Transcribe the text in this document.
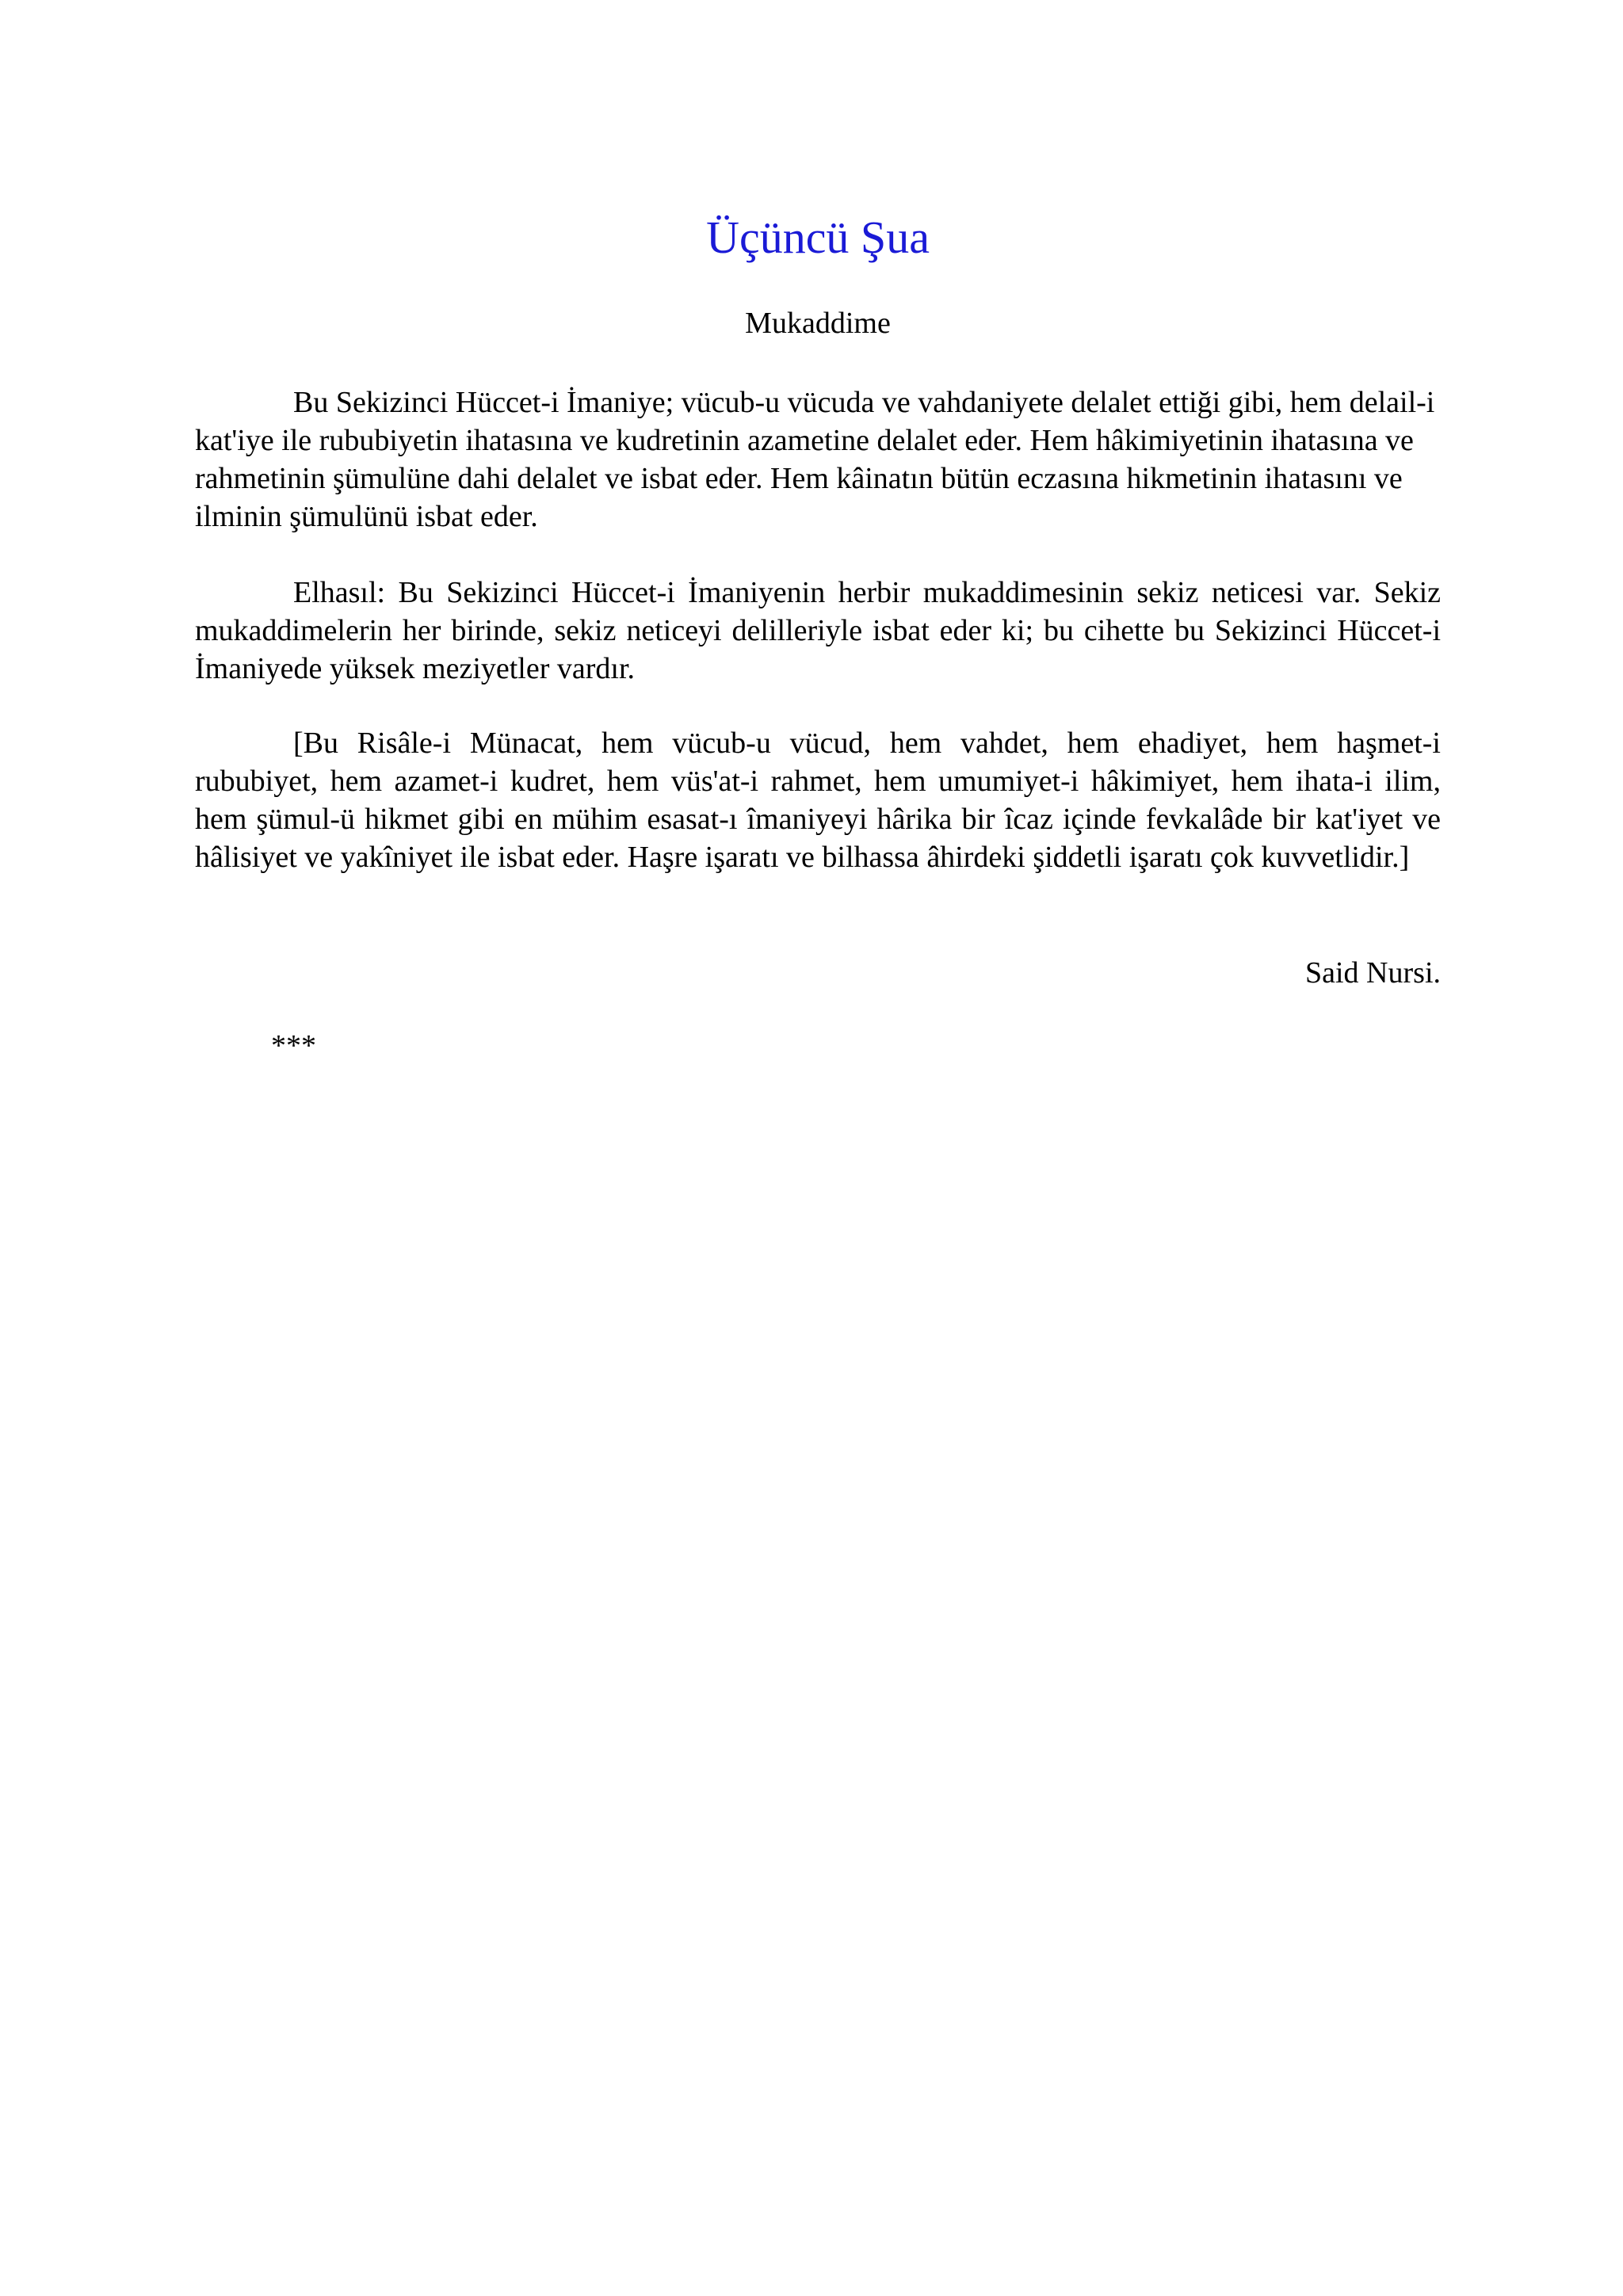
Üçüncü Şua

Mukaddime

Bu Sekizinci Hüccet-i İmaniye; vücub-u vücuda ve vahdaniyete delalet ettiği gibi, hem delail-i kat'iye ile rububiyetin ihatasına ve kudretinin azametine delalet eder. Hem hâkimiyetinin ihatasına ve rahmetinin şümulüne dahi delalet ve isbat eder. Hem kâinatın bütün eczasına hikmetinin ihatasını ve ilminin şümulünü isbat eder.

Elhasıl: Bu Sekizinci Hüccet-i İmaniyenin herbir mukaddimesinin sekiz neticesi var. Sekiz mukaddimelerin her birinde, sekiz neticeyi delilleriyle isbat eder ki; bu cihette bu Sekizinci Hüccet-i İmaniyede yüksek meziyetler vardır.

[Bu Risâle-i Münacat, hem vücub-u vücud, hem vahdet, hem ehadiyet, hem haşmet-i rububiyet, hem azamet-i kudret, hem vüs'at-i rahmet, hem umumiyet-i hâkimiyet, hem ihata-i ilim, hem şümul-ü hikmet gibi en mühim esasat-ı îmaniyeyi hârika bir îcaz içinde fevkalâde bir kat'iyet ve hâlisiyet ve yakîniyet ile isbat eder. Haşre işaratı ve bilhassa âhirdeki şiddetli işaratı çok kuvvetlidir.]

Said Nursi.

***
